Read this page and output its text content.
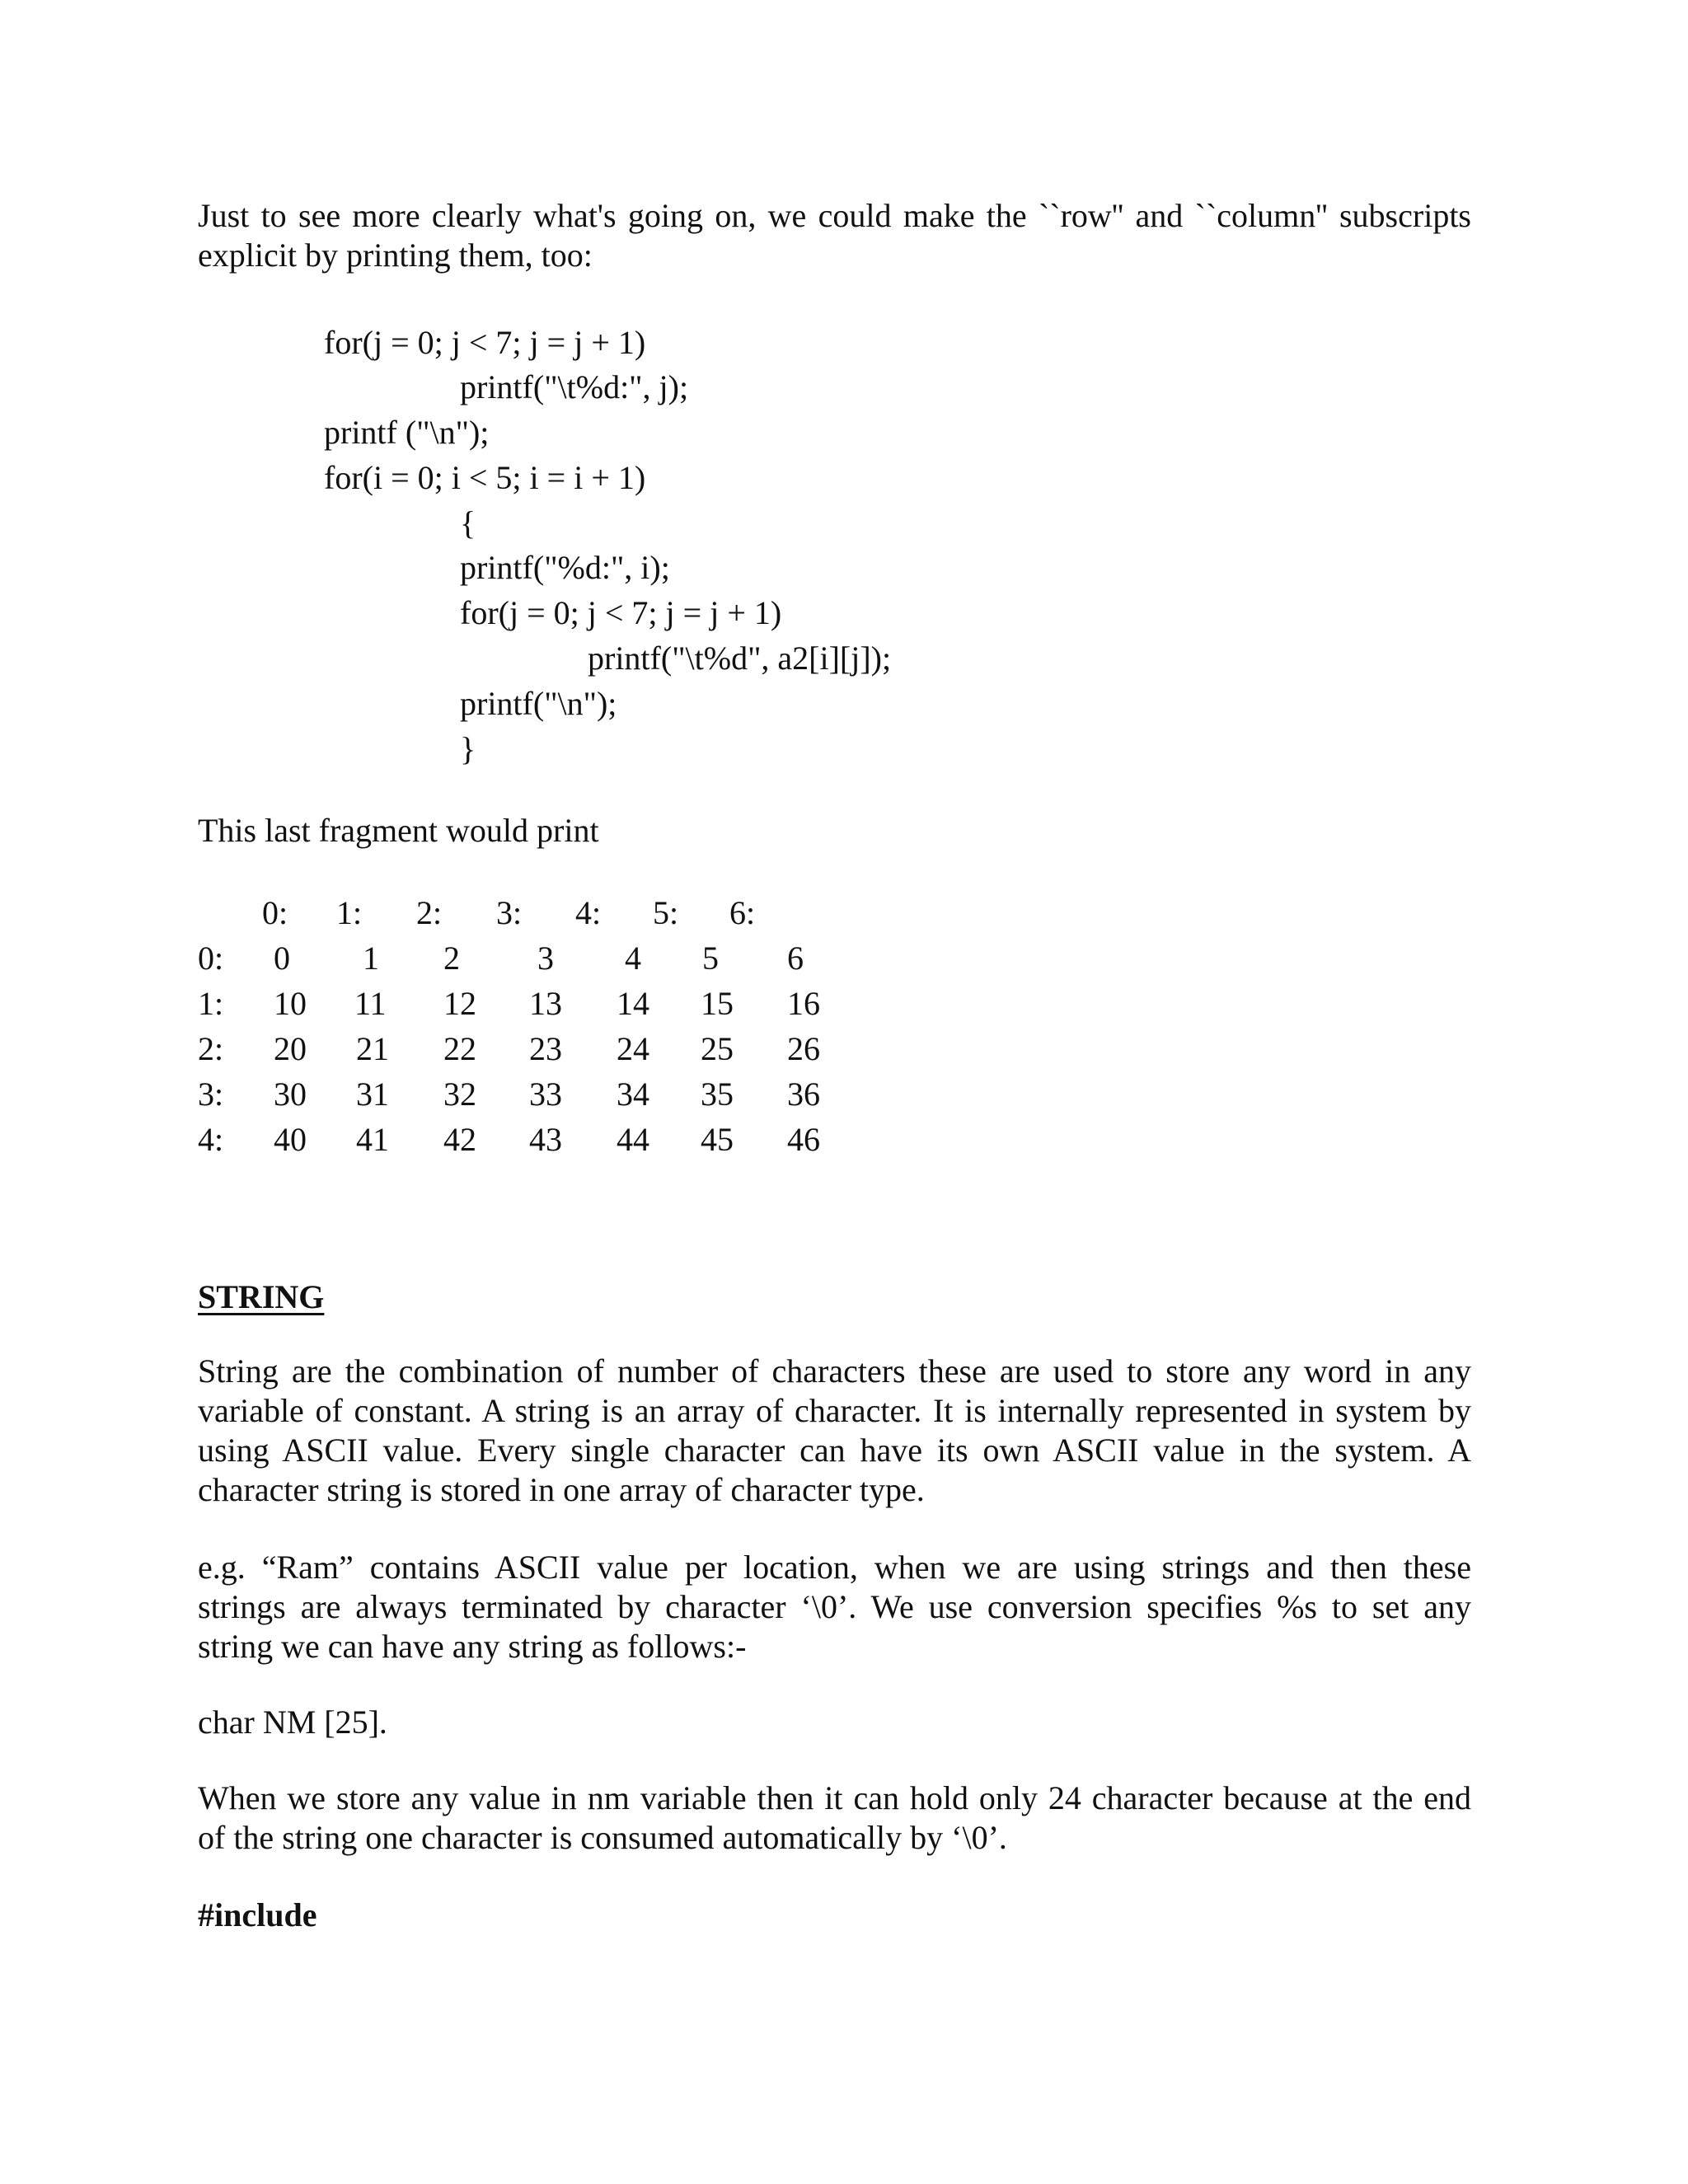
Just to see more clearly what's going on, we could make the ``row'' and ``column'' subscripts
explicit by printing them, too:
for(j = 0; j < 7; j = j + 1)
printf("\t%d:", j);
printf ("\n");
for(i = 0; i < 5; i = i + 1)
{
printf("%d:", i);
for(j = 0; j < 7; j = j + 1)
printf("\t%d", a2[i][j]);
printf("\n");
}
This last fragment would print
0: 1: 2: 3: 4: 5: 6:
0: 0 1 2 3 4 5 6
1: 10 11 12 13 14 15 16
2: 20 21 22 23 24 25 26
3: 30 31 32 33 34 35 36
4: 40 41 42 43 44 45 46
STRING
String are the combination of number of characters these are used to store any word in any
variable of constant. A string is an array of character. It is internally represented in system by
using ASCII value. Every single character can have its own ASCII value in the system. A
character string is stored in one array of character type.
e.g. “Ram” contains ASCII value per location, when we are using strings and then these
strings are always terminated by character ‘\0’. We use conversion specifies %s to set any
string we can have any string as follows:-
char NM [25].
When we store any value in nm variable then it can hold only 24 character because at the end
of the string one character is consumed automatically by ‘\0’.
#include
